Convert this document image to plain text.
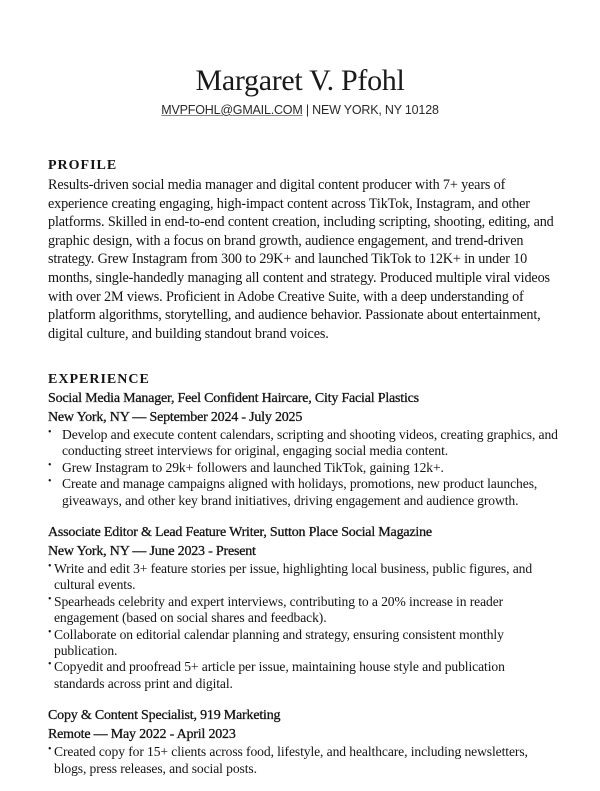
Margaret V. Pfohl
MVPFOHL@GMAIL.COM | NEW YORK, NY 10128
PROFILE

Results-driven social media manager and digital content producer with 7+ years of experience creating engaging, high-impact content across TikTok, Instagram, and other platforms. Skilled in end-to-end content creation, including scripting, shooting, editing, and graphic design, with a focus on brand growth, audience engagement, and trend-driven strategy. Grew Instagram from 300 to 29K+ and launched TikTok to 12K+ in under 10 months, single-handedly managing all content and strategy. Produced multiple viral videos with over 2M views. Proficient in Adobe Creative Suite, with a deep understanding of platform algorithms, storytelling, and audience behavior. Passionate about entertainment, digital culture, and building standout brand voices.

EXPERIENCE
Social Media Manager, Feel Confident Haircare, City Facial Plastics
New York, NY — September 2024 - July 2025
• Develop and execute content calendars, scripting and shooting videos, creating graphics, and conducting street interviews for original, engaging social media content.
• Grew Instagram to 29k+ followers and launched TikTok, gaining 12k+.
• Create and manage campaigns aligned with holidays, promotions, new product launches, giveaways, and other key brand initiatives, driving engagement and audience growth.
Associate Editor & Lead Feature Writer, Sutton Place Social Magazine
New York, NY — June 2023 - Present
• Write and edit 3+ feature stories per issue, highlighting local business, public figures, and cultural events.
• Spearheads celebrity and expert interviews, contributing to a 20% increase in reader engagement (based on social shares and feedback).
• Collaborate on editorial calendar planning and strategy, ensuring consistent monthly publication.
• Copyedit and proofread 5+ article per issue, maintaining house style and publication standards across print and digital.
Copy & Content Specialist, 919 Marketing
Remote — May 2022 - April 2023
• Created copy for 15+ clients across food, lifestyle, and healthcare, including newsletters, blogs, press releases, and social posts.
